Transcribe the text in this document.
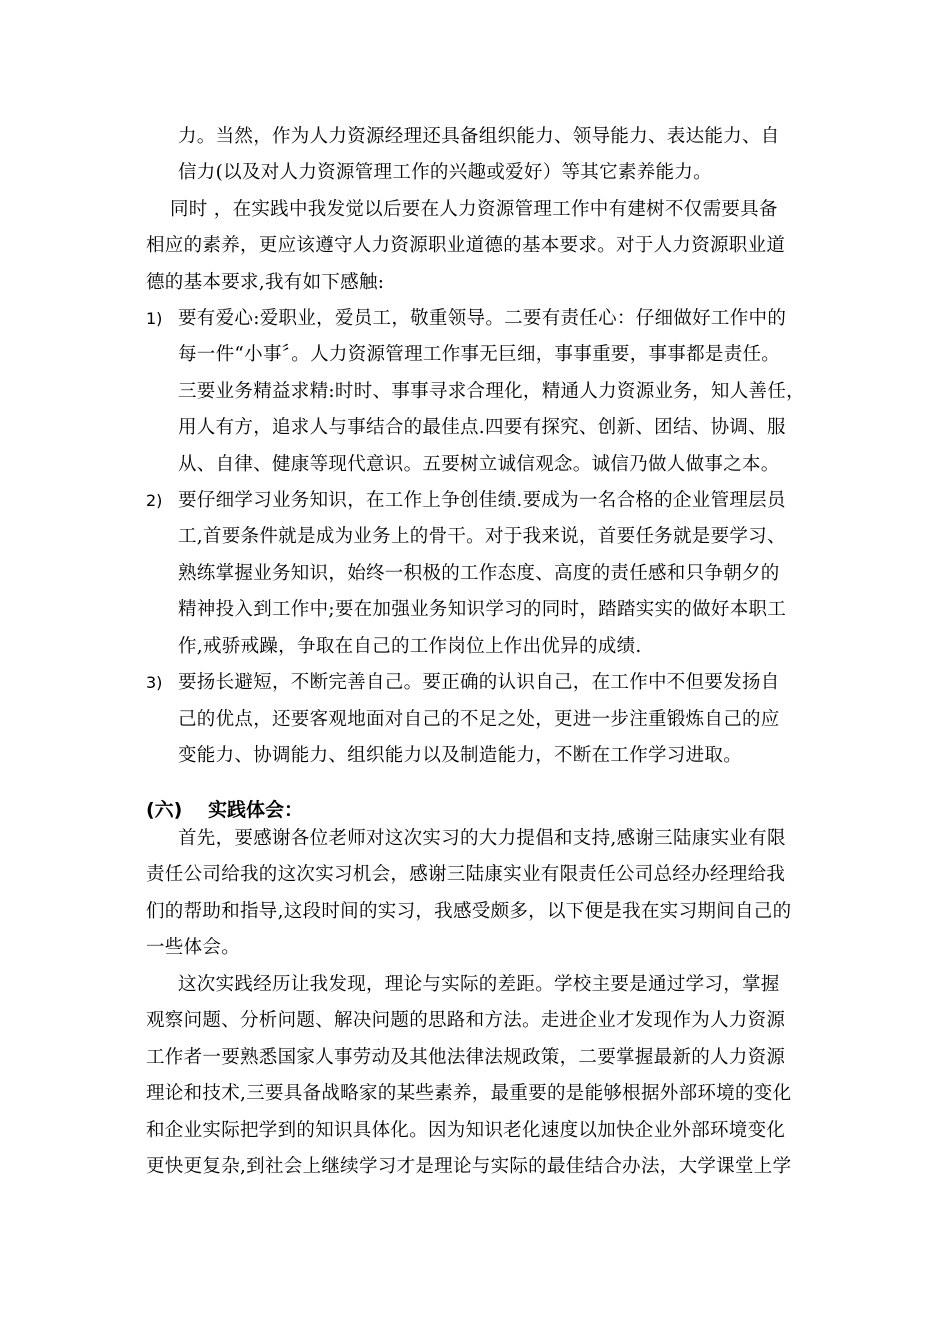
力。当然，作为人力资源经理还具备组织能力、领导能力、表达能力、自
信力(以及对人力资源管理工作的兴趣或爱好）等其它素养能力。
同时 ，在实践中我发觉以后要在人力资源管理工作中有建树不仅需要具备
相应的素养，更应该遵守人力资源职业道德的基本要求。对于人力资源职业道
德的基本要求,我有如下感触:
1) 要有爱心:爱职业，爱员工，敬重领导。二要有责任心：仔细做好工作中的
每一件“小事〞。人力资源管理工作事无巨细，事事重要，事事都是责任。
三要业务精益求精:时时、事事寻求合理化，精通人力资源业务，知人善任，
用人有方，追求人与事结合的最佳点.四要有探究、创新、团结、协调、服
从、自律、健康等现代意识。五要树立诚信观念。诚信乃做人做事之本。
2) 要仔细学习业务知识，在工作上争创佳绩.要成为一名合格的企业管理层员
工,首要条件就是成为业务上的骨干。对于我来说，首要任务就是要学习、
熟练掌握业务知识，始终一积极的工作态度、高度的责任感和只争朝夕的
精神投入到工作中;要在加强业务知识学习的同时，踏踏实实的做好本职工
作,戒骄戒躁，争取在自己的工作岗位上作出优异的成绩.
3) 要扬长避短，不断完善自己。要正确的认识自己，在工作中不但要发扬自
己的优点，还要客观地面对自己的不足之处，更进一步注重锻炼自己的应
变能力、协调能力、组织能力以及制造能力，不断在工作学习进取。
(六) 实践体会：
首先，要感谢各位老师对这次实习的大力提倡和支持,感谢三陆康实业有限
责任公司给我的这次实习机会，感谢三陆康实业有限责任公司总经办经理给我
们的帮助和指导,这段时间的实习，我感受颇多，以下便是我在实习期间自己的
一些体会。
这次实践经历让我发现，理论与实际的差距。学校主要是通过学习，掌握
观察问题、分析问题、解决问题的思路和方法。走进企业才发现作为人力资源
工作者一要熟悉国家人事劳动及其他法律法规政策，二要掌握最新的人力资源
理论和技术,三要具备战略家的某些素养，最重要的是能够根据外部环境的变化
和企业实际把学到的知识具体化。因为知识老化速度以加快企业外部环境变化
更快更复杂,到社会上继续学习才是理论与实际的最佳结合办法，大学课堂上学
